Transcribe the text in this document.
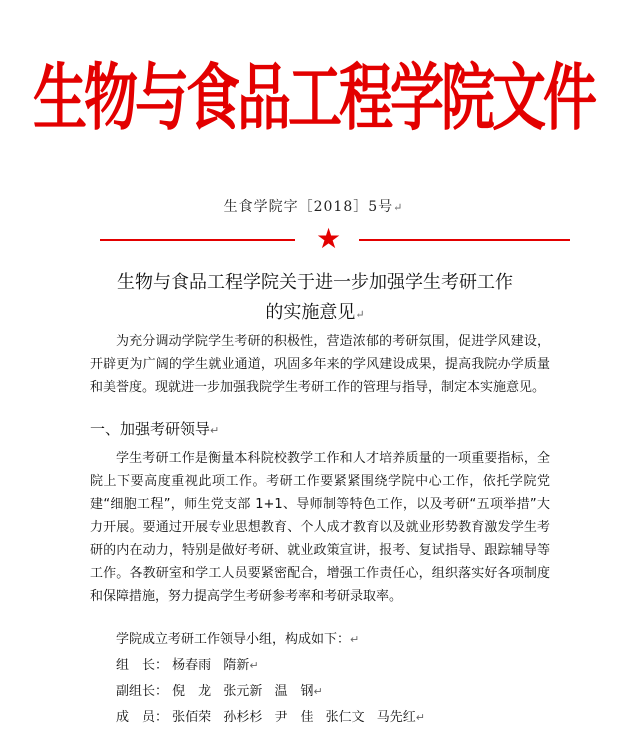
生物与食品工程学院文件
生食学院字［2018］5号↵
★
生物与食品工程学院关于进一步加强学生考研工作
的实施意见↵

为充分调动学院学生考研的积极性，营造浓郁的考研氛围，促进学风建设，开辟更为广阔的学生就业通道，巩固多年来的学风建设成果，提高我院办学质量和美誉度。现就进一步加强我院学生考研工作的管理与指导，制定本实施意见。

一、加强考研领导↵

学生考研工作是衡量本科院校教学工作和人才培养质量的一项重要指标，全院上下要高度重视此项工作。考研工作要紧紧围绕学院中心工作，依托学院党建“细胞工程”，师生党支部 1+1、导师制等特色工作，以及考研“五项举措”大力开展。要通过开展专业思想教育、个人成才教育以及就业形势教育激发学生考研的内在动力，特别是做好考研、就业政策宣讲，报考、复试指导、跟踪辅导等工作。各教研室和学工人员要紧密配合，增强工作责任心，组织落实好各项制度和保障措施，努力提高学生考研参考率和考研录取率。

学院成立考研工作领导小组，构成如下：↵
组　长： 杨春雨 隋新↵
副组长： 倪　龙 张元新 温　钢↵
成　员： 张佰荣 孙杉杉 尹　佳 张仁文 马先红↵
